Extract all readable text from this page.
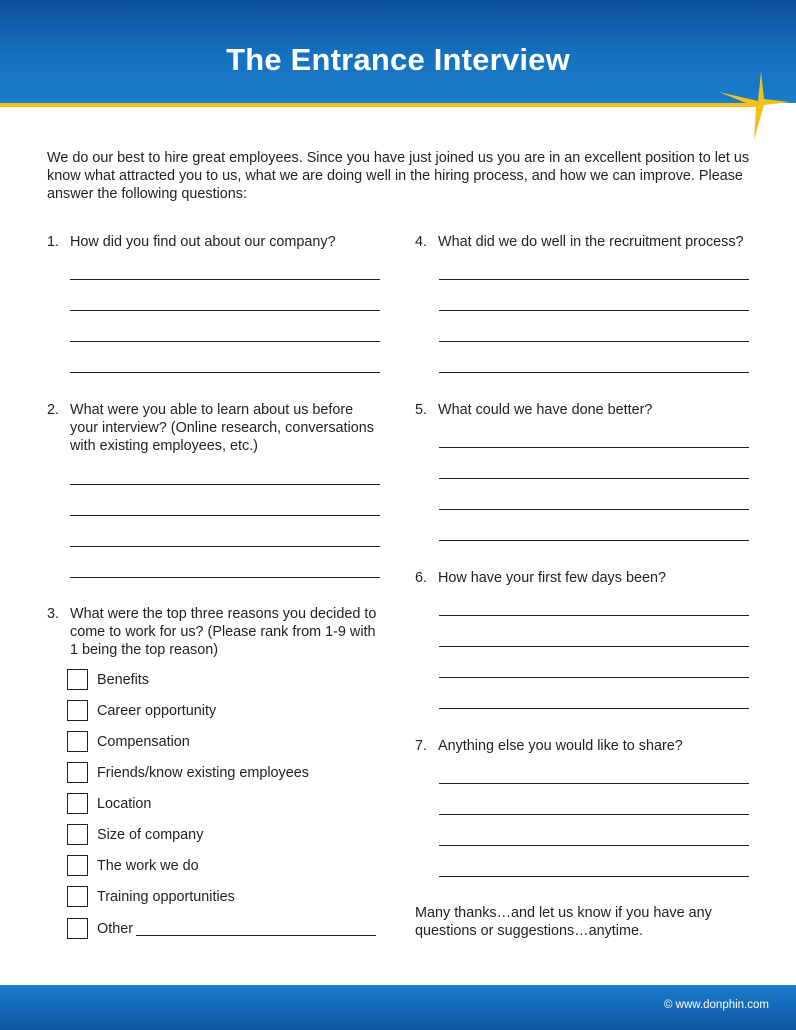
The Entrance Interview
We do our best to hire great employees. Since you have just joined us you are in an excellent position to let us know what attracted you to us, what we are doing well in the hiring process, and how we can improve. Please answer the following questions:
1. How did you find out about our company?
2. What were you able to learn about us before your interview? (Online research, conversations with existing employees, etc.)
3. What were the top three reasons you decided to come to work for us? (Please rank from 1-9 with 1 being the top reason)
Benefits
Career opportunity
Compensation
Friends/know existing employees
Location
Size of company
The work we do
Training opportunities
Other
4. What did we do well in the recruitment process?
5. What could we have done better?
6. How have your first few days been?
7. Anything else you would like to share?
Many thanks…and let us know if you have any questions or suggestions…anytime.
© www.donphin.com
